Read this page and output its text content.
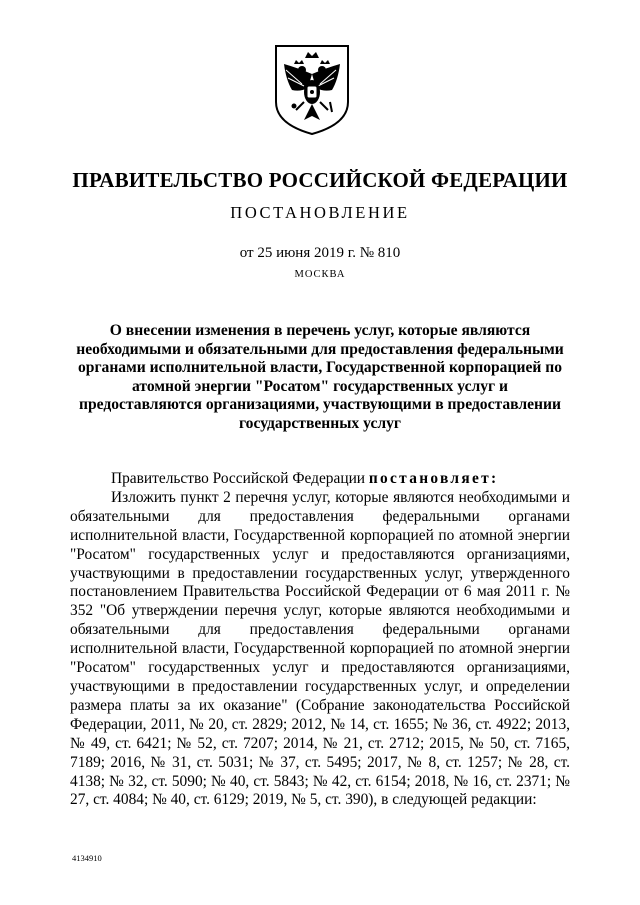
ПРАВИТЕЛЬСТВО РОССИЙСКОЙ ФЕДЕРАЦИИ
ПОСТАНОВЛЕНИЕ
от 25 июня 2019 г. № 810
МОСКВА
О внесении изменения в перечень услуг, которые являются необходимыми и обязательными для предоставления федеральными органами исполнительной власти, Государственной корпорацией по атомной энергии "Росатом" государственных услуг и предоставляются организациями, участвующими в предоставлении государственных услуг

Правительство Российской Федерации постановляет:

Изложить пункт 2 перечня услуг, которые являются необходимыми и обязательными для предоставления федеральными органами исполнительной власти, Государственной корпорацией по атомной энергии "Росатом" государственных услуг и предоставляются организациями, участвующими в предоставлении государственных услуг, утвержденного постановлением Правительства Российской Федерации от 6 мая 2011 г. № 352 "Об утверждении перечня услуг, которые являются необходимыми и обязательными для предоставления федеральными органами исполнительной власти, Государственной корпорацией по атомной энергии "Росатом" государственных услуг и предоставляются организациями, участвующими в предоставлении государственных услуг, и определении размера платы за их оказание" (Собрание законодательства Российской Федерации, 2011, № 20, ст. 2829; 2012, № 14, ст. 1655; № 36, ст. 4922; 2013, № 49, ст. 6421; № 52, ст. 7207; 2014, № 21, ст. 2712; 2015, № 50, ст. 7165, 7189; 2016, № 31, ст. 5031; № 37, ст. 5495; 2017, № 8, ст. 1257; № 28, ст. 4138; № 32, ст. 5090; № 40, ст. 5843; № 42, ст. 6154; 2018, № 16, ст. 2371; № 27, ст. 4084; № 40, ст. 6129; 2019, № 5, ст. 390), в следующей редакции:

4134910
